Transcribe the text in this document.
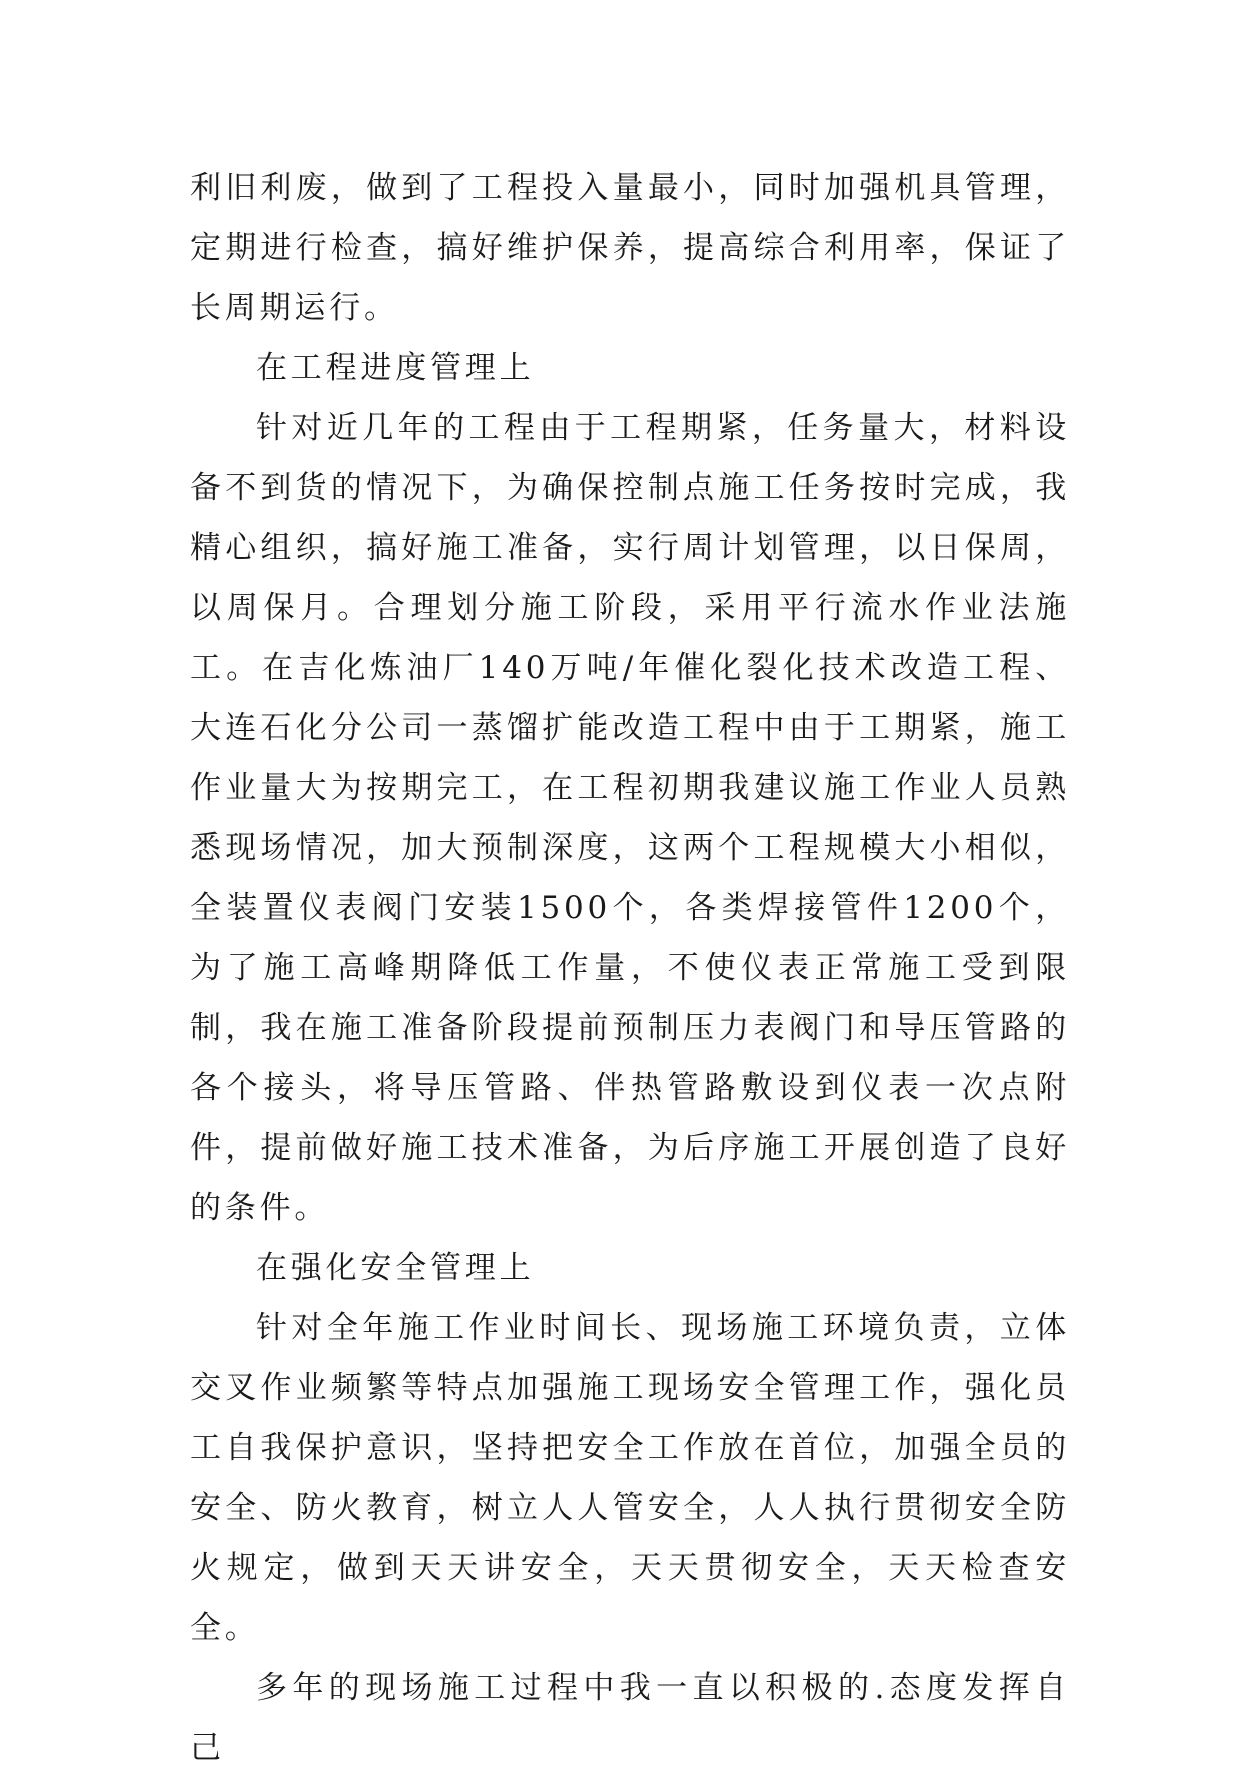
利旧利废，做到了工程投入量最小，同时加强机具管理，定期进行检查，搞好维护保养，提高综合利用率，保证了长周期运行。

在工程进度管理上

针对近几年的工程由于工程期紧，任务量大，材料设备不到货的情况下，为确保控制点施工任务按时完成，我精心组织，搞好施工准备，实行周计划管理，以日保周，以周保月。合理划分施工阶段，采用平行流水作业法施工。在吉化炼油厂140万吨/年催化裂化技术改造工程、大连石化分公司一蒸馏扩能改造工程中由于工期紧，施工作业量大为按期完工，在工程初期我建议施工作业人员熟悉现场情况，加大预制深度，这两个工程规模大小相似，全装置仪表阀门安装1500个，各类焊接管件1200个，为了施工高峰期降低工作量，不使仪表正常施工受到限制，我在施工准备阶段提前预制压力表阀门和导压管路的各个接头，将导压管路、伴热管路敷设到仪表一次点附件，提前做好施工技术准备，为后序施工开展创造了良好的条件。

在强化安全管理上

针对全年施工作业时间长、现场施工环境负责，立体交叉作业频繁等特点加强施工现场安全管理工作，强化员工自我保护意识，坚持把安全工作放在首位，加强全员的安全、防火教育，树立人人管安全，人人执行贯彻安全防火规定，做到天天讲安全，天天贯彻安全，天天检查安全。

多年的现场施工过程中我一直以积极的.态度发挥自己
